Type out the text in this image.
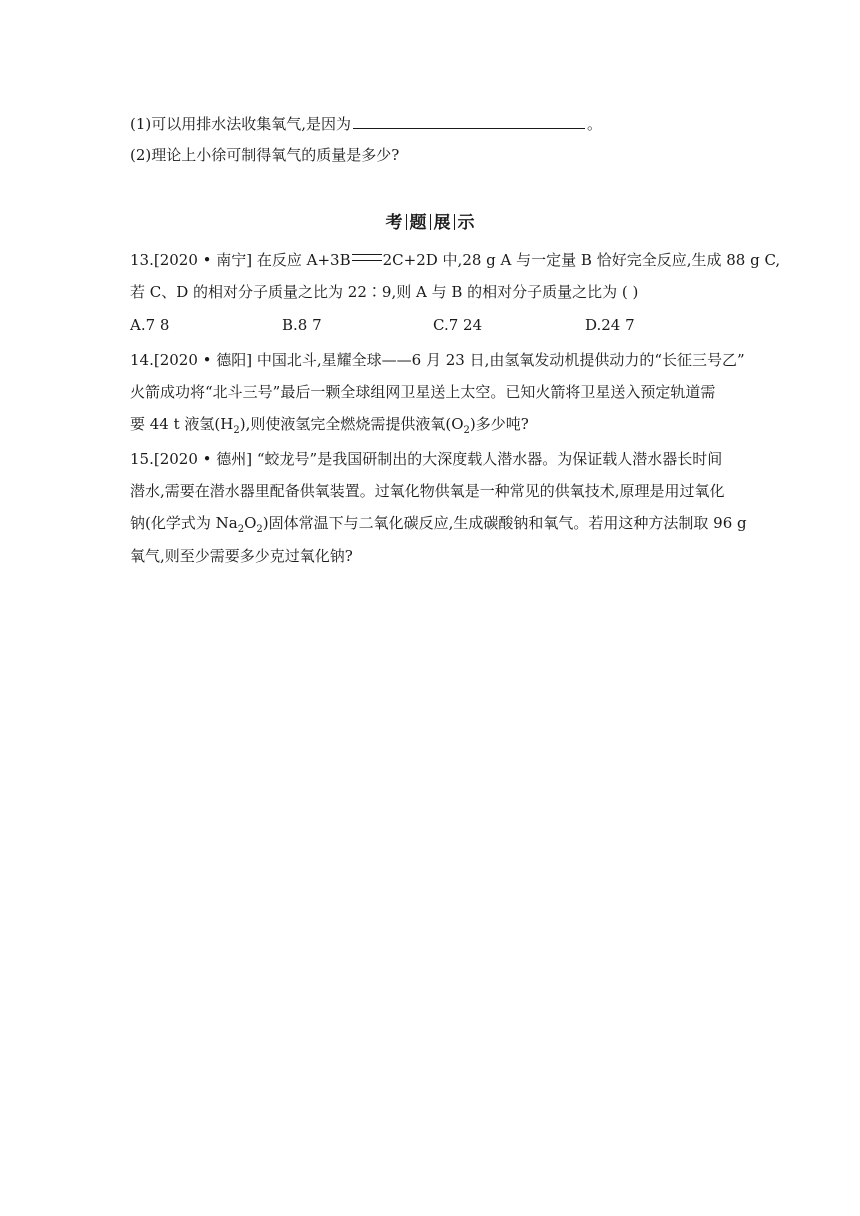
(1)可以用排水法收集氧气,是因为	。
(2)理论上小徐可制得氧气的质量是多少?
考 题 展 示
13.[2020 • 南宁] 在反应 A+3B 2C+2D 中,28 g A 与一定量 B 恰好完全反应,生成 88 g C,
若 C、D 的相对分子质量之比为 22∶9,则 A 与 B 的相对分子质量之比为 ( )
A.7 8	B.8 7	C.7 24	D.24 7
14.[2020 • 德阳] 中国北斗,星耀全球——6 月 23 日,由氢氧发动机提供动力的“长征三号乙”
火箭成功将“北斗三号”最后一颗全球组网卫星送上太空。已知火箭将卫星送入预定轨道需
要 44 t 液氢$(H_2)$,则使液氢完全燃烧需提供液氧$(O_2)$多少吨?
15.[2020 • 德州] “蛟龙号”是我国研制出的大深度载人潜水器。为保证载人潜水器长时间
潜水,需要在潜水器里配备供氧装置。过氧化物供氧是一种常见的供氧技术,原理是用过氧化
钠(化学式为 $Na_2O_2$)固体常温下与二氧化碳反应,生成碳酸钠和氧气。若用这种方法制取 96 g
氧气,则至少需要多少克过氧化钠?
